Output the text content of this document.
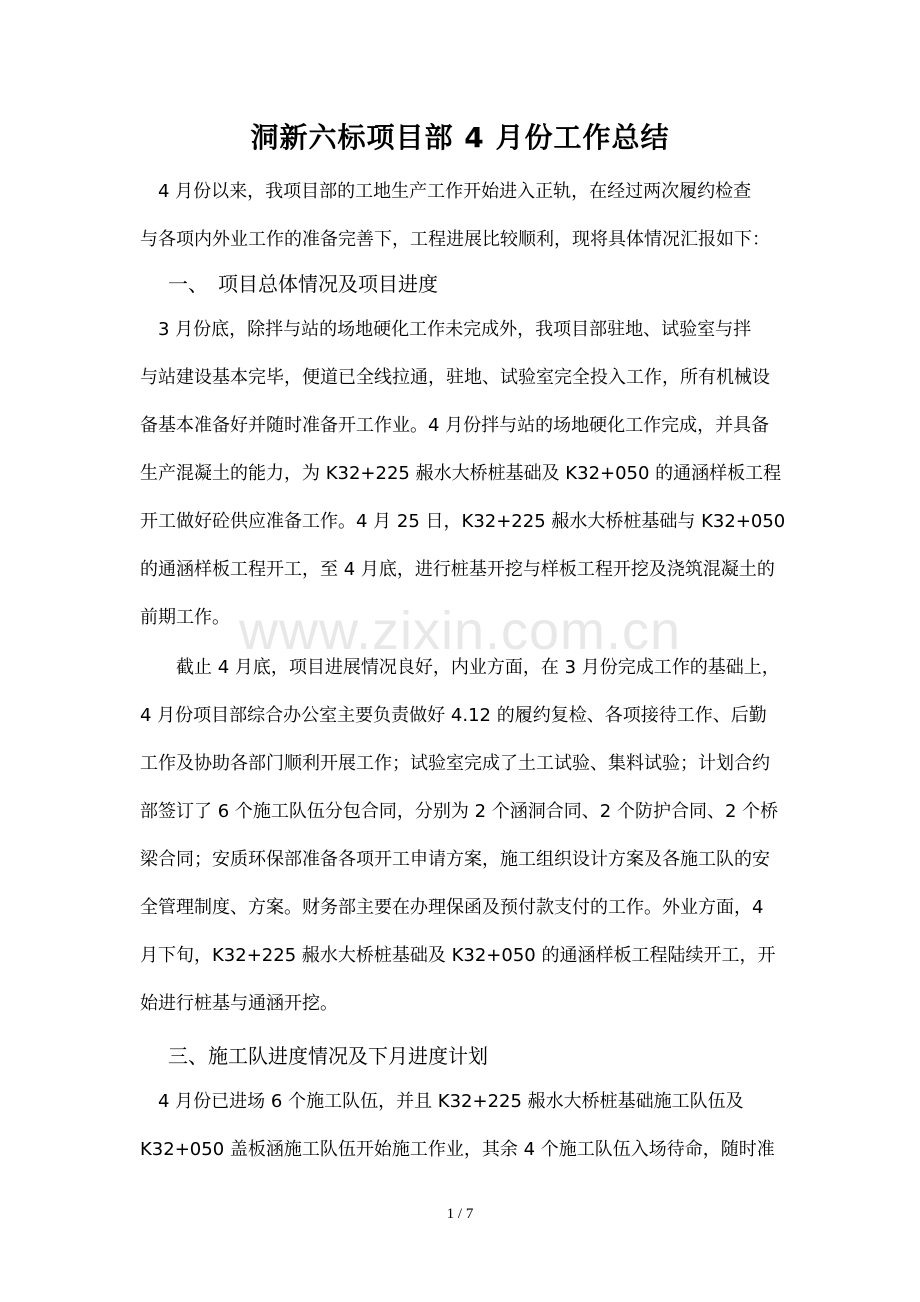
洞新六标项目部 4 月份工作总结
　4 月份以来，我项目部的工地生产工作开始进入正轨，在经过两次履约检查
与各项内外业工作的准备完善下，工程进展比较顺利，现将具体情况汇报如下：
一、　项目总体情况及项目进度
　3 月份底，除拌与站的场地硬化工作未完成外，我项目部驻地、试验室与拌
与站建设基本完毕，便道已全线拉通，驻地、试验室完全投入工作，所有机械设
备基本准备好并随时准备开工作业。4 月份拌与站的场地硬化工作完成，并具备
生产混凝土的能力，为 K32+225 赧水大桥桩基础及 K32+050 的通涵样板工程
开工做好砼供应准备工作。4 月 25 日，K32+225 赧水大桥桩基础与 K32+050
的通涵样板工程开工，至 4 月底，进行桩基开挖与样板工程开挖及浇筑混凝土的
前期工作。
　　截止 4 月底，项目进展情况良好，内业方面，在 3 月份完成工作的基础上，
4 月份项目部综合办公室主要负责做好 4.12 的履约复检、各项接待工作、后勤
工作及协助各部门顺利开展工作；试验室完成了土工试验、集料试验；计划合约
部签订了 6 个施工队伍分包合同，分别为 2 个涵洞合同、2 个防护合同、2 个桥
梁合同；安质环保部准备各项开工申请方案，施工组织设计方案及各施工队的安
全管理制度、方案。财务部主要在办理保函及预付款支付的工作。外业方面，4
月下旬，K32+225 赧水大桥桩基础及 K32+050 的通涵样板工程陆续开工，开
始进行桩基与通涵开挖。
三、施工队进度情况及下月进度计划
　4 月份已进场 6 个施工队伍，并且 K32+225 赧水大桥桩基础施工队伍及
K32+050 盖板涵施工队伍开始施工作业，其余 4 个施工队伍入场待命，随时准
www.zixin.com.cn
1 / 7
